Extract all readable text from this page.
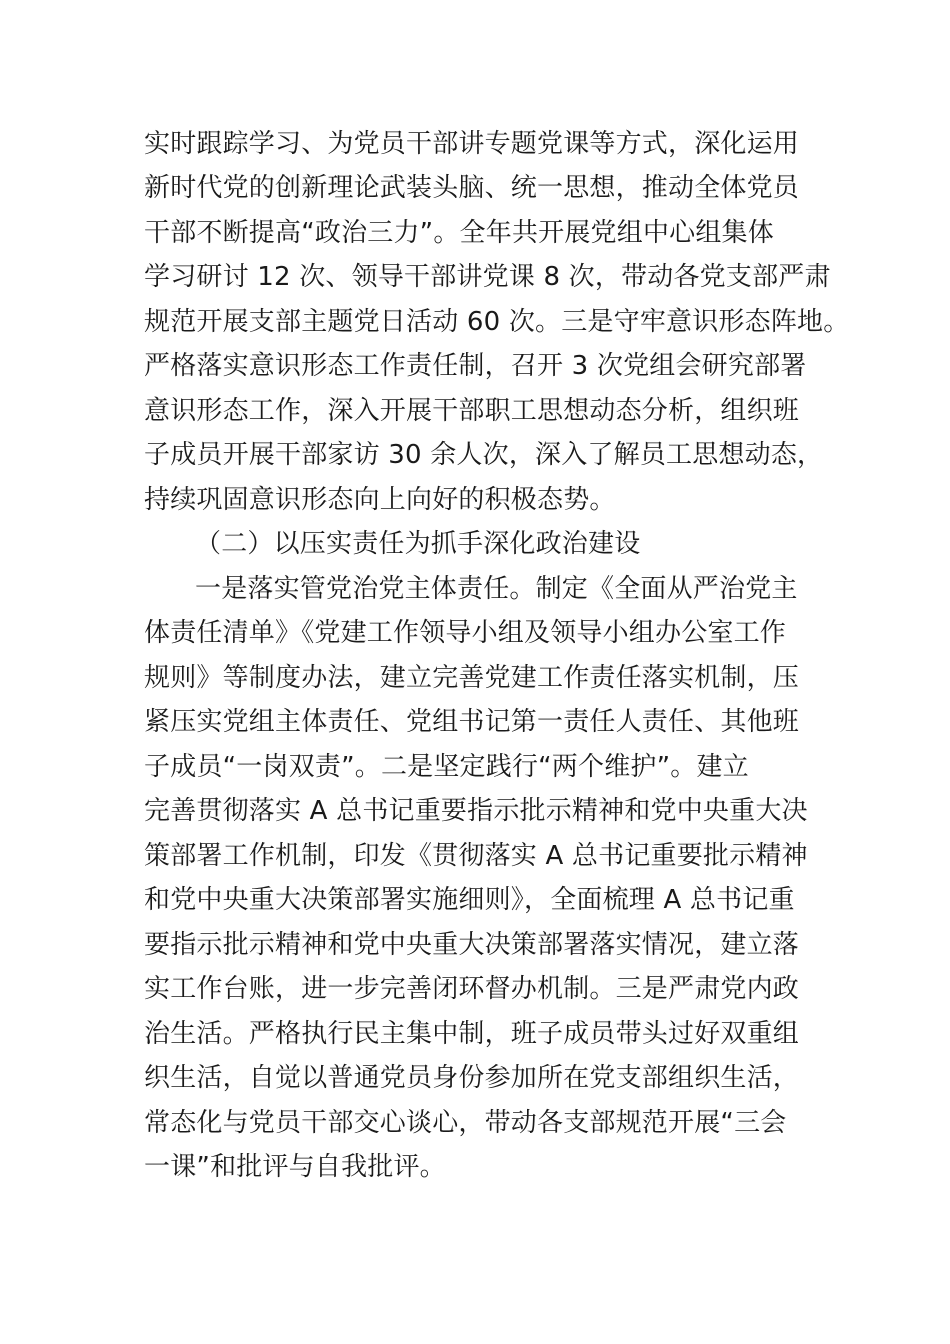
实时跟踪学习、为党员干部讲专题党课等方式，深化运用
新时代党的创新理论武装头脑、统一思想，推动全体党员
干部不断提高“政治三力”。全年共开展党组中心组集体
学习研讨 12 次、领导干部讲党课 8 次，带动各党支部严肃
规范开展支部主题党日活动 60 次。三是守牢意识形态阵地。
严格落实意识形态工作责任制，召开 3 次党组会研究部署
意识形态工作，深入开展干部职工思想动态分析，组织班
子成员开展干部家访 30 余人次，深入了解员工思想动态，
持续巩固意识形态向上向好的积极态势。
（二）以压实责任为抓手深化政治建设
一是落实管党治党主体责任。制定《全面从严治党主
体责任清单》《党建工作领导小组及领导小组办公室工作
规则》等制度办法，建立完善党建工作责任落实机制，压
紧压实党组主体责任、党组书记第一责任人责任、其他班
子成员“一岗双责”。二是坚定践行“两个维护”。建立
完善贯彻落实 A 总书记重要指示批示精神和党中央重大决
策部署工作机制，印发《贯彻落实 A 总书记重要批示精神
和党中央重大决策部署实施细则》，全面梳理 A 总书记重
要指示批示精神和党中央重大决策部署落实情况，建立落
实工作台账，进一步完善闭环督办机制。三是严肃党内政
治生活。严格执行民主集中制，班子成员带头过好双重组
织生活，自觉以普通党员身份参加所在党支部组织生活，
常态化与党员干部交心谈心，带动各支部规范开展“三会
一课”和批评与自我批评。
